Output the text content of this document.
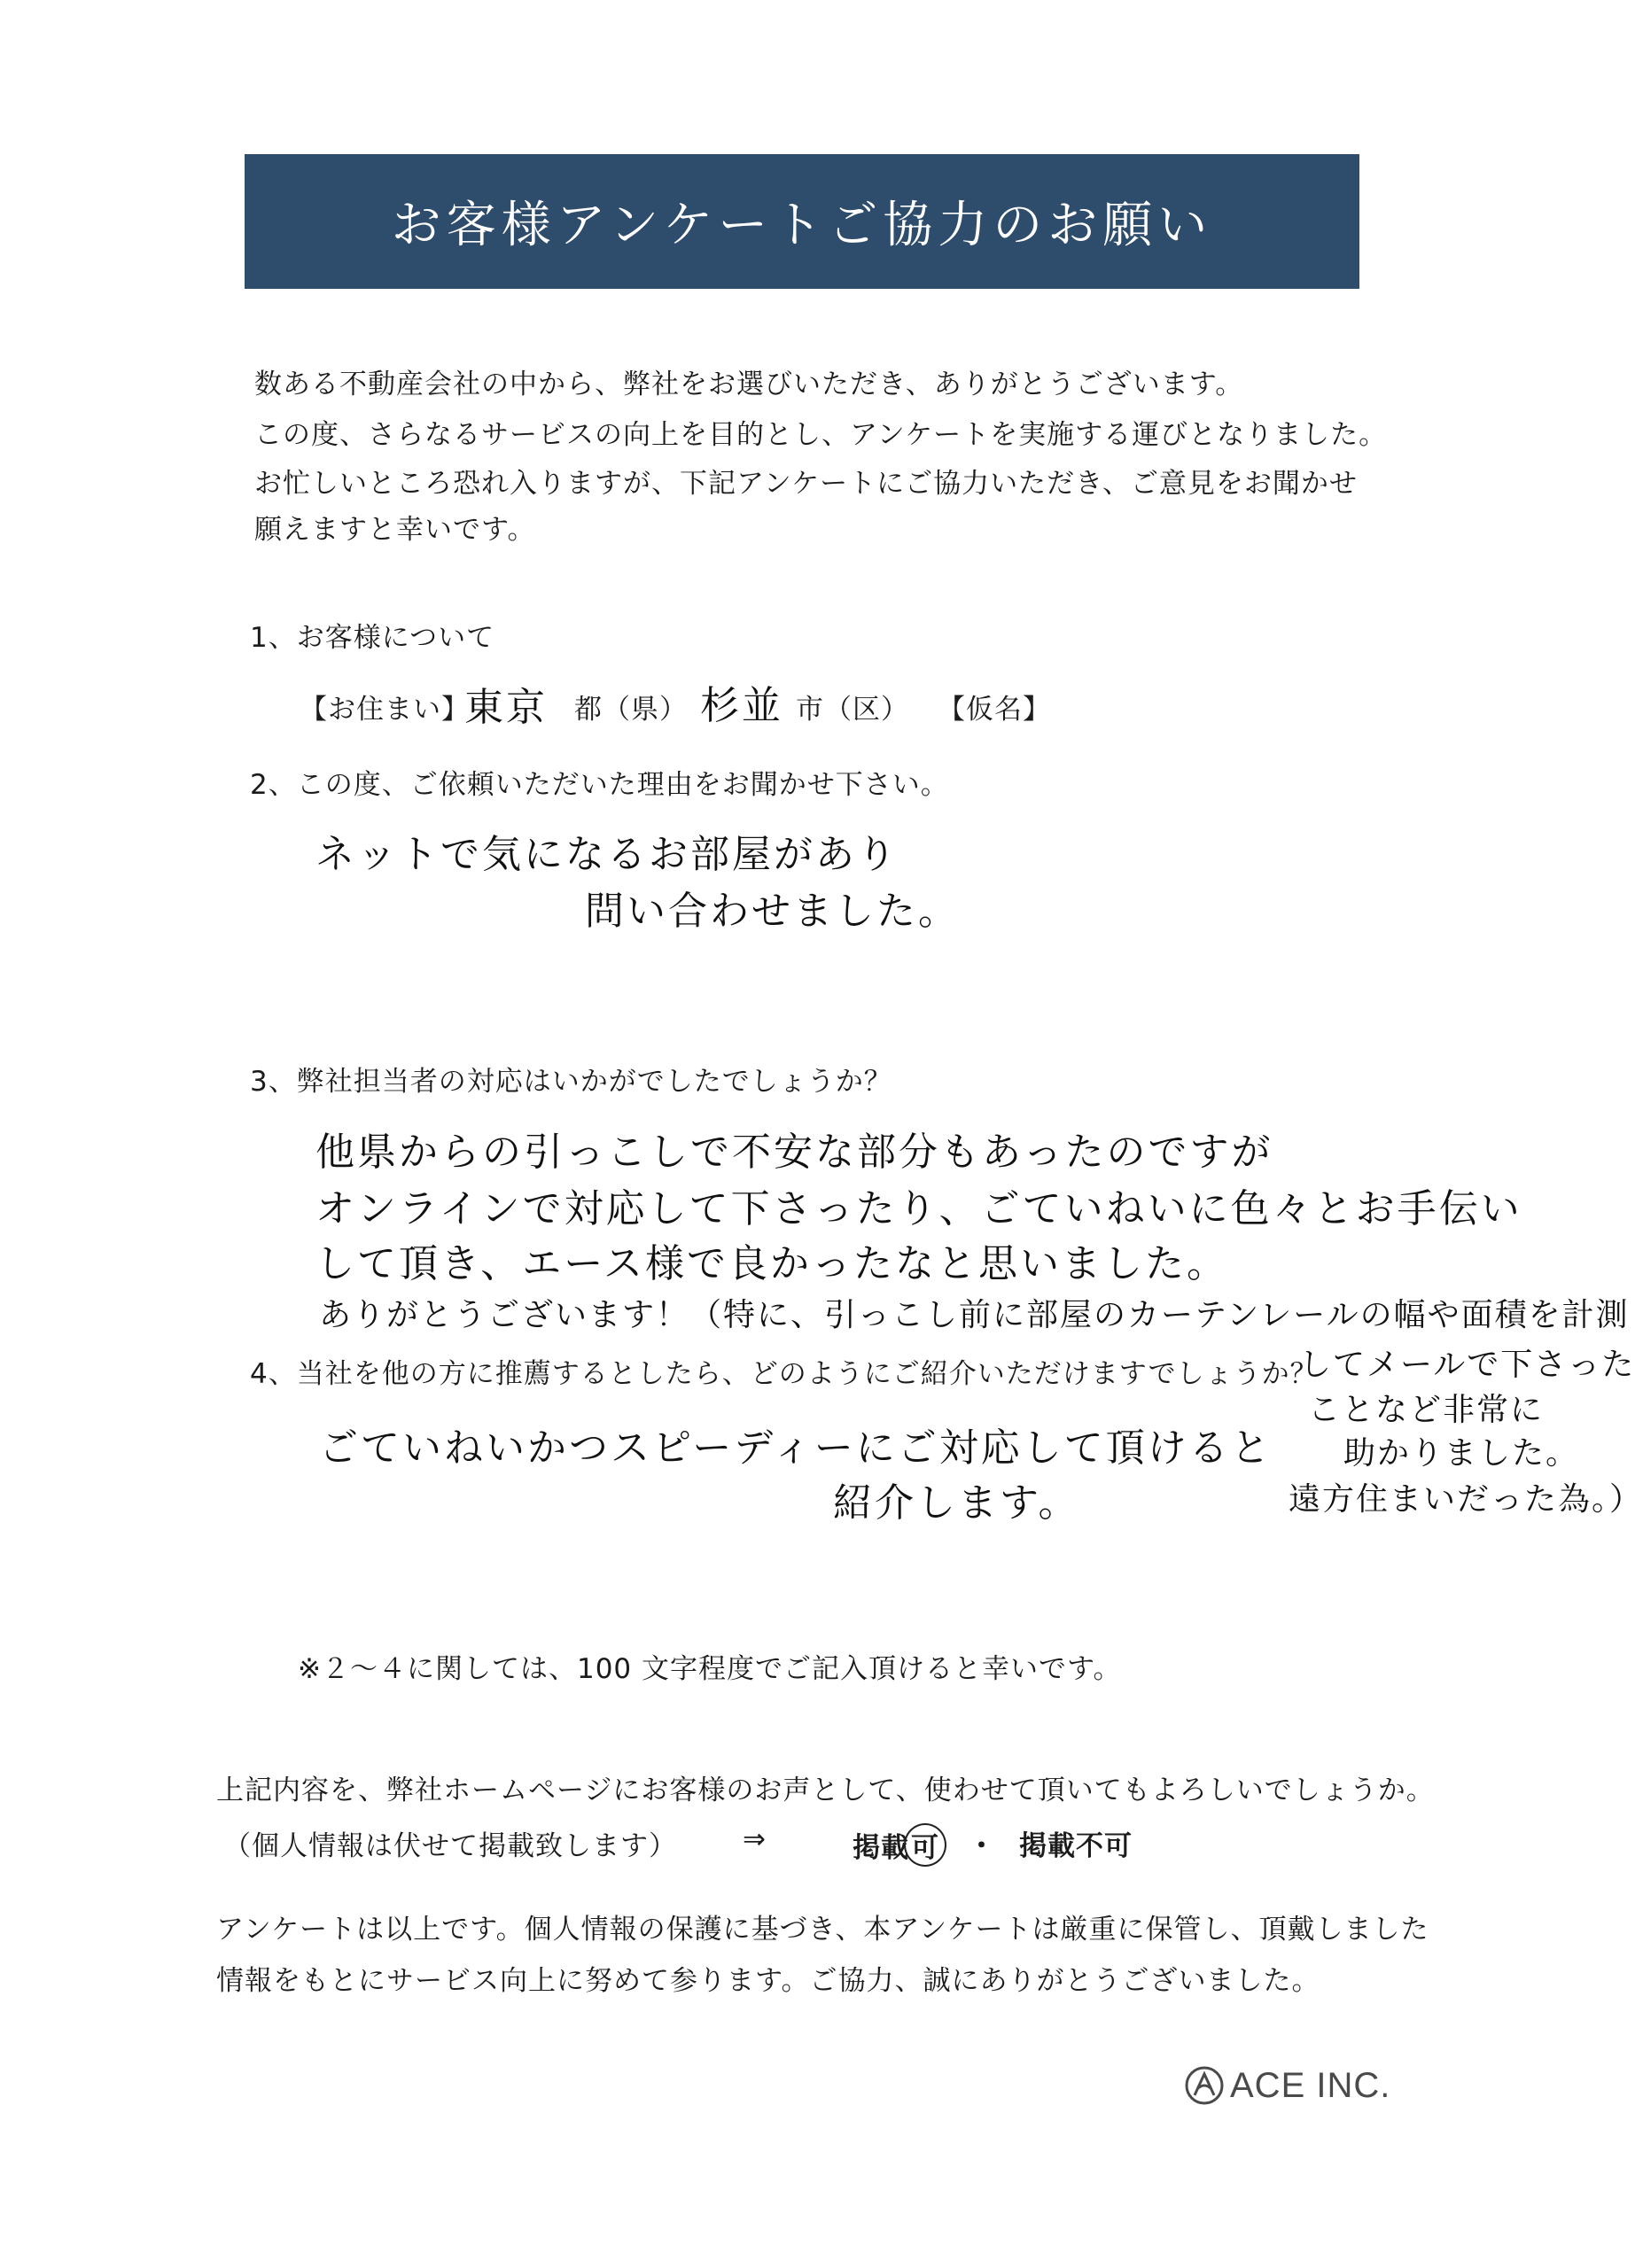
お客様アンケートご協力のお願い
数ある不動産会社の中から、弊社をお選びいただき、ありがとうございます。
この度、さらなるサービスの向上を目的とし、アンケートを実施する運びとなりました。
お忙しいところ恐れ入りますが、下記アンケートにご協力いただき、ご意見をお聞かせ
願えますと幸いです。
1、お客様について
【お住まい】
東京 都（県） 杉並 市（区） 【仮名】
2、この度、ご依頼いただいた理由をお聞かせ下さい。
ネットで気になるお部屋があり
問い合わせました。
3、弊社担当者の対応はいかがでしたでしょうか？
他県からの引っこしで不安な部分もあったのですが
オンラインで対応して下さったり、ごていねいに色々とお手伝い
して頂き、エース様で良かったなと思いました。
ありがとうございます！（特に、引っこし前に部屋のカーテンレールの幅や面積を計測
してメールで下さった
ことなど非常に
助かりました。
遠方住まいだった為。）
4、当社を他の方に推薦するとしたら、どのようにご紹介いただけますでしょうか？
ごていねいかつスピーディーにご対応して頂けると
紹介します。
※２～４に関しては、100 文字程度でご記入頂けると幸いです。
上記内容を、弊社ホームページにお客様のお声として、使わせて頂いてもよろしいでしょうか。
（個人情報は伏せて掲載致します） ⇒	掲載可 ・ 掲載不可
アンケートは以上です。個人情報の保護に基づき、本アンケートは厳重に保管し、頂戴しました
情報をもとにサービス向上に努めて参ります。ご協力、誠にありがとうございました。
ACE INC.
